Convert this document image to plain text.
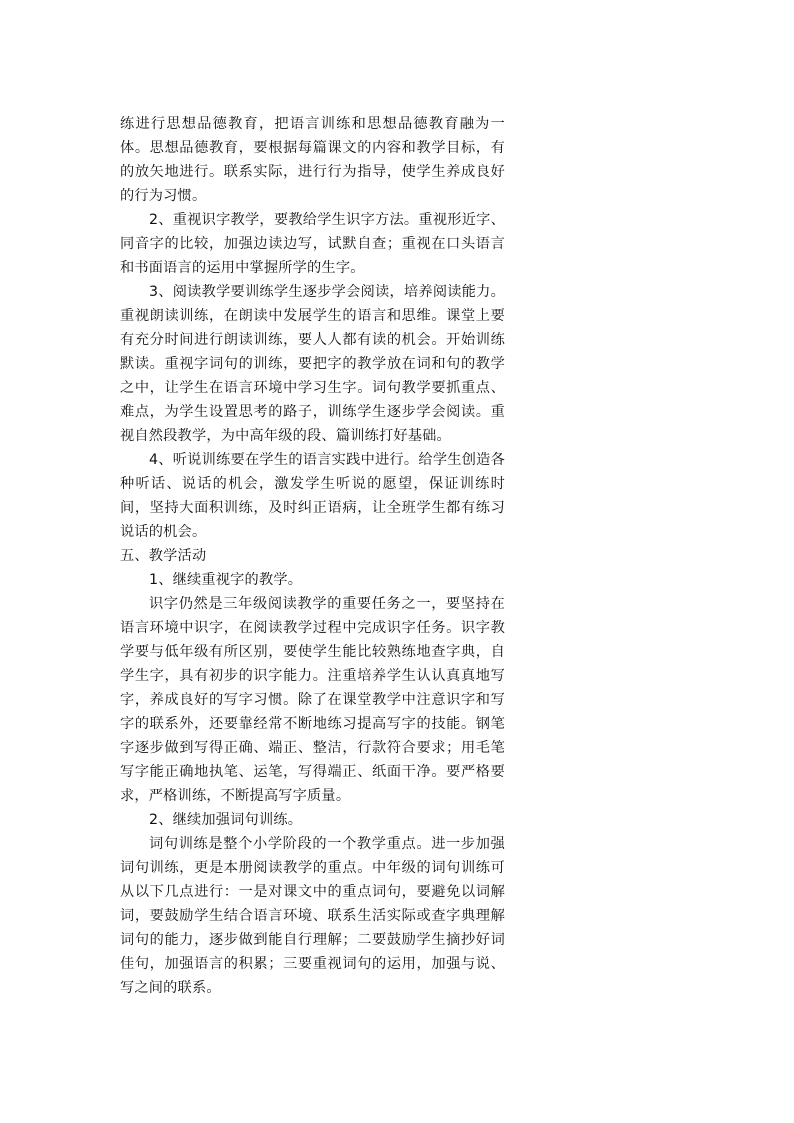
练进行思想品德教育，把语言训练和思想品德教育融为一体。思想品德教育，要根据每篇课文的内容和教学目标，有的放矢地进行。联系实际，进行行为指导，使学生养成良好的行为习惯。

2、重视识字教学，要教给学生识字方法。重视形近字、同音字的比较，加强边读边写，试默自查；重视在口头语言和书面语言的运用中掌握所学的生字。

3、阅读教学要训练学生逐步学会阅读，培养阅读能力。重视朗读训练，在朗读中发展学生的语言和思维。课堂上要有充分时间进行朗读训练，要人人都有读的机会。开始训练默读。重视字词句的训练，要把字的教学放在词和句的教学之中，让学生在语言环境中学习生字。词句教学要抓重点、难点，为学生设置思考的路子，训练学生逐步学会阅读。重视自然段教学，为中高年级的段、篇训练打好基础。

4、听说训练要在学生的语言实践中进行。给学生创造各种听话、说话的机会，激发学生听说的愿望，保证训练时间，坚持大面积训练，及时纠正语病，让全班学生都有练习说话的机会。

五、教学活动

1、继续重视字的教学。

识字仍然是三年级阅读教学的重要任务之一，要坚持在语言环境中识字，在阅读教学过程中完成识字任务。识字教学要与低年级有所区别，要使学生能比较熟练地查字典，自学生字，具有初步的识字能力。注重培养学生认认真真地写字，养成良好的写字习惯。除了在课堂教学中注意识字和写字的联系外，还要靠经常不断地练习提高写字的技能。钢笔字逐步做到写得正确、端正、整洁，行款符合要求；用毛笔写字能正确地执笔、运笔，写得端正、纸面干净。要严格要求，严格训练，不断提高写字质量。

2、继续加强词句训练。

词句训练是整个小学阶段的一个教学重点。进一步加强词句训练，更是本册阅读教学的重点。中年级的词句训练可从以下几点进行：一是对课文中的重点词句，要避免以词解词，要鼓励学生结合语言环境、联系生活实际或查字典理解词句的能力，逐步做到能自行理解；二要鼓励学生摘抄好词佳句，加强语言的积累；三要重视词句的运用，加强与说、写之间的联系。
